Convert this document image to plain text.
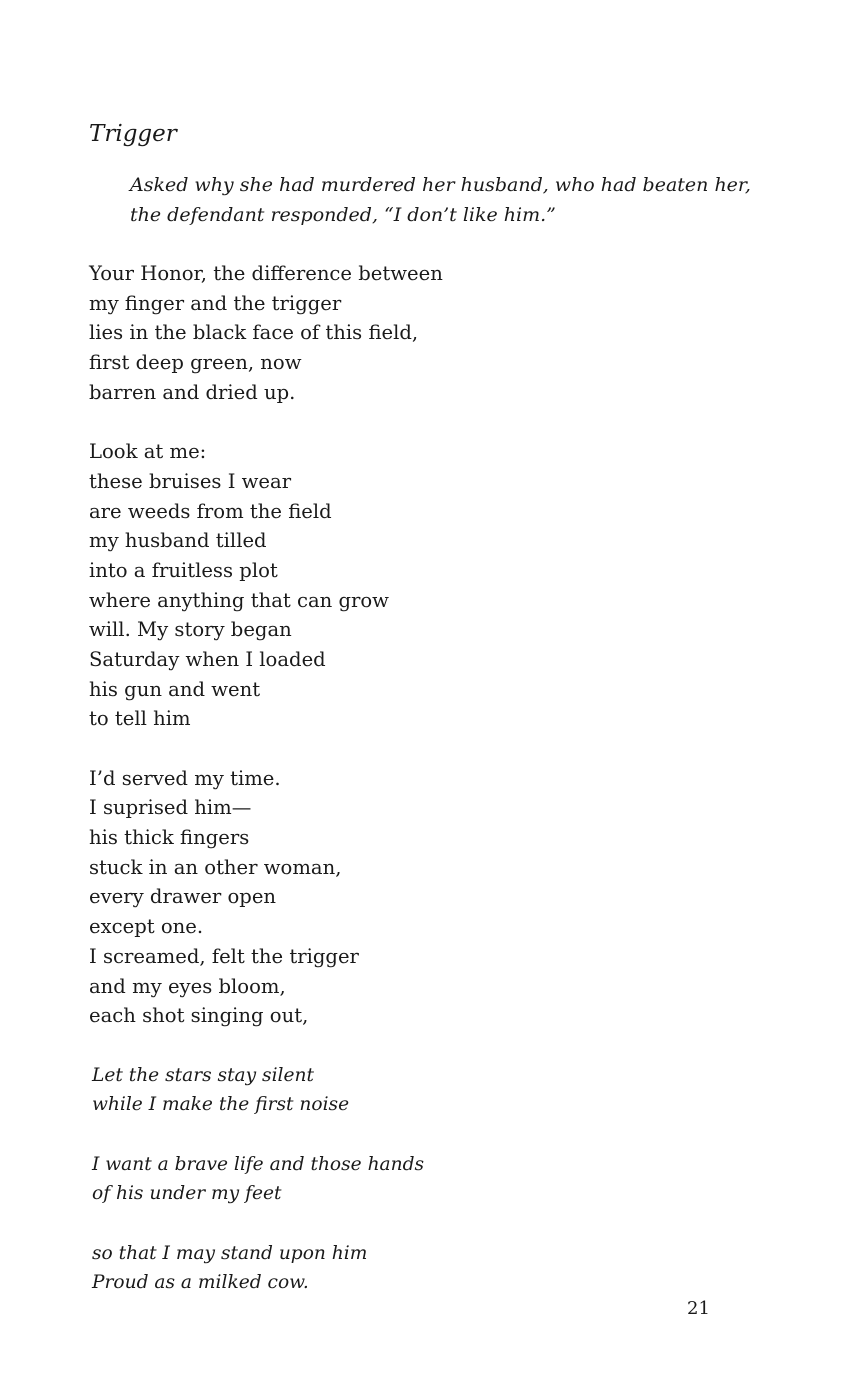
Trigger
Asked why she had murdered her husband, who had beaten her,
the defendant responded, “I don’t like him.”
Your Honor, the difference between
my finger and the trigger
lies in the black face of this field,
first deep green, now
barren and dried up.
Look at me:
these bruises I wear
are weeds from the field
my husband tilled
into a fruitless plot
where anything that can grow
will. My story began
Saturday when I loaded
his gun and went
to tell him
I’d served my time.
I suprised him—
his thick fingers
stuck in an other woman,
every drawer open
except one.
I screamed, felt the trigger
and my eyes bloom,
each shot singing out,
Let the stars stay silent
while I make the first noise
I want a brave life and those hands
of his under my feet
so that I may stand upon him
Proud as a milked cow.
21
